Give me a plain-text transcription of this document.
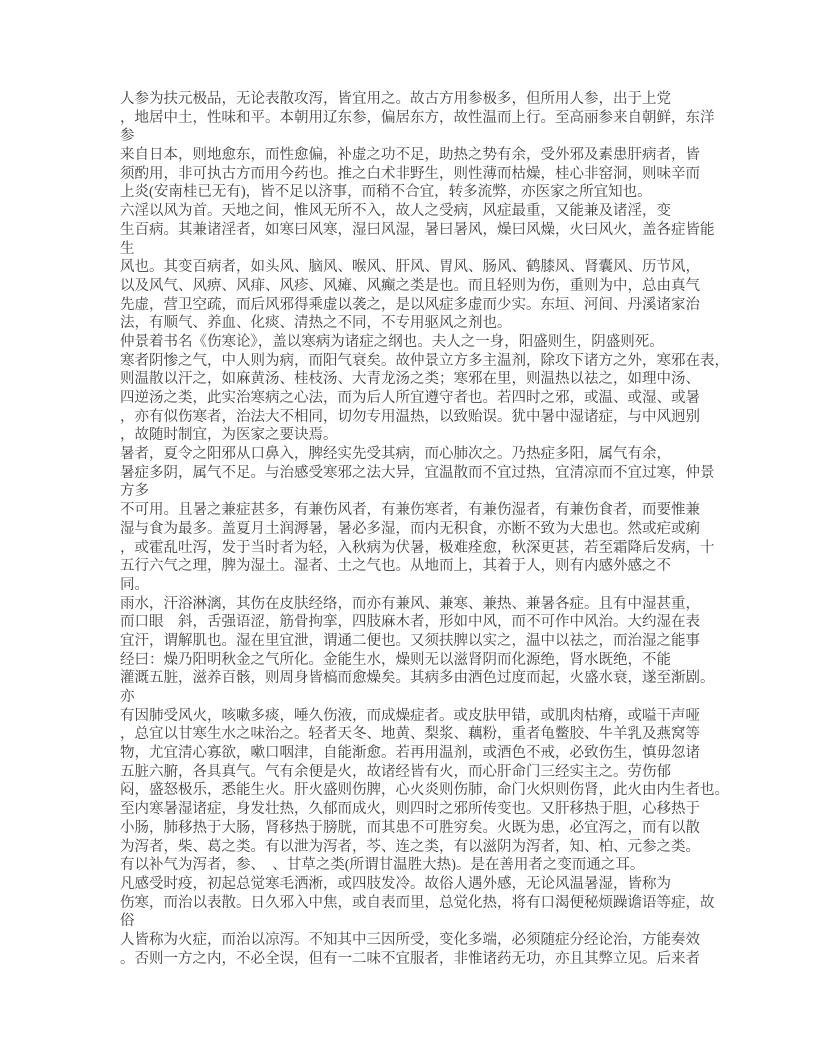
人参为扶元极品，无论表散攻泻，皆宜用之。故古方用参极多，但所用人参，出于上党
，地居中土，性味和平。本朝用辽东参，偏居东方，故性温而上行。至高丽参来自朝鲜，东洋
参
来自日本，则地愈东，而性愈偏，补虚之功不足，助热之势有余，受外邪及素患肝病者，皆
须酌用，非可执古方而用今药也。推之白术非野生，则性薄而枯燥，桂心非窑洞，则味辛而
上炎(安南桂已无有)，皆不足以济事，而稍不合宜，转多流弊，亦医家之所宜知也。
六淫以风为首。天地之间，惟风无所不入，故人之受病，风症最重，又能兼及诸淫，变
生百病。其兼诸淫者，如寒曰风寒，湿曰风湿，暑曰暑风，燥曰风燥，火曰风火，盖各症皆能
生
风也。其变百病者，如头风、脑风、喉风、肝风、胃风、肠风、鹤膝风、肾囊风、历节风，
以及风气、风痹、风痱、风疹、风瘫、风癫之类是也。而且轻则为伤，重则为中，总由真气
先虚，营卫空疏，而后风邪得乘虚以袭之，是以风症多虚而少实。东垣、河间、丹溪诸家治
法，有顺气、养血、化痰、清热之不同，不专用驱风之剂也。
仲景着书名《伤寒论》，盖以寒病为诸症之纲也。夫人之一身，阳盛则生，阴盛则死。
寒者阴惨之气，中人则为病，而阳气衰矣。故仲景立方多主温剂，除攻下诸方之外，寒邪在表，
则温散以汗之，如麻黄汤、桂枝汤、大青龙汤之类；寒邪在里，则温热以祛之，如理中汤、
四逆汤之类，此实治寒病之心法，而为后人所宜遵守者也。若四时之邪，或温、或湿、或暑
，亦有似伤寒者，治法大不相同，切勿专用温热，以致贻误。犹中暑中湿诸症，与中风迥别
，故随时制宜，为医家之要诀焉。
暑者，夏令之阳邪从口鼻入，脾经实先受其病，而心肺次之。乃热症多阳，属气有余，
暑症多阴，属气不足。与治感受寒邪之法大异，宜温散而不宜过热，宜清凉而不宜过寒，仲景
方多
不可用。且暑之兼症甚多，有兼伤风者，有兼伤寒者，有兼伤湿者，有兼伤食者，而要惟兼
湿与食为最多。盖夏月土润溽暑，暑必多湿，而内无积食，亦断不致为大患也。然或疟或痢
，或霍乱吐泻，发于当时者为轻，入秋病为伏暑，极难痊愈，秋深更甚，若至霜降后发病，十
五行六气之理，脾为湿土。湿者、土之气也。从地而上，其着于人，则有内感外感之不
同。
雨水，汗浴淋漓，其伤在皮肤经络，而亦有兼风、兼寒、兼热、兼暑各症。且有中湿甚重，
而口眼　斜，舌强语涩，筋骨拘挛，四肢麻木者，形如中风，而不可作中风治。大约湿在表
宜汗，谓解肌也。湿在里宜泄，谓通二便也。又须扶脾以实之，温中以祛之，而治湿之能事
经曰：燥乃阳明秋金之气所化。金能生水，燥则无以滋肾阴而化源绝，肾水既绝，不能
灌溉五脏，滋养百骸，则周身皆槁而愈燥矣。其病多由酒色过度而起，火盛水衰，遂至渐剧。
亦
有因肺受风火，咳嗽多痰，唾久伤液，而成燥症者。或皮肤甲错，或肌肉枯瘠，或嗌干声哑
，总宜以甘寒生水之味治之。轻者天冬、地黄、梨浆、藕粉，重者龟鳖胶、牛羊乳及燕窝等
物，尤宜清心寡欲，嗽口咽津，自能渐愈。若再用温剂，或酒色不戒，必致伤生，慎毋忽诸
五脏六腑，各具真气。气有余便是火，故诸经皆有火，而心肝命门三经实主之。劳伤郁
闷，盛怒极乐，悉能生火。肝火盛则伤脾，心火炎则伤肺，命门火炽则伤肾，此火由内生者也。
至内寒暑湿诸症，身发壮热，久郁而成火，则四时之邪所传变也。又肝移热于胆，心移热于
小肠，肺移热于大肠，肾移热于膀胱，而其患不可胜穷矣。火既为患，必宜泻之，而有以散
为泻者，柴、葛之类。有以泄为泻者，芩、连之类，有以滋阴为泻者，知、柏、元参之类。
有以补气为泻者，参、　、甘草之类(所谓甘温胜大热)。是在善用者之变而通之耳。
凡感受时疫，初起总觉寒毛洒淅，或四肢发冷。故俗人遇外感，无论风温暑湿，皆称为
伤寒，而治以表散。日久邪入中焦，或自表而里，总觉化热，将有口渴便秘烦躁谵语等症，故
俗
人皆称为火症，而治以凉泻。不知其中三因所受，变化多端，必须随症分经论治，方能奏效
。否则一方之内，不必全误，但有一二味不宜服者，非惟诸药无功，亦且其弊立见。后来者
